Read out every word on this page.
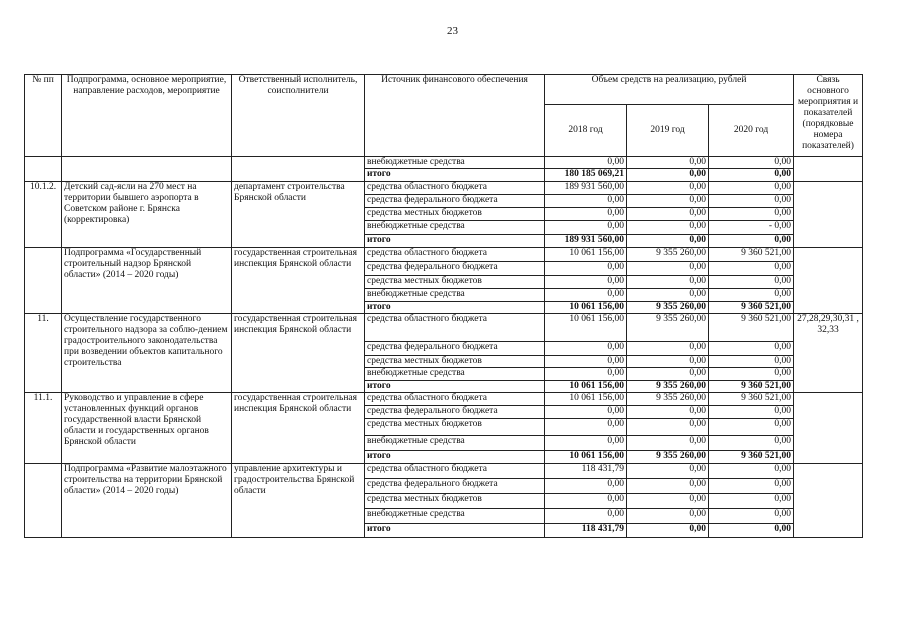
23
№ пп	Подпрограмма, основное мероприятие, направление расходов, мероприятие	Ответственный исполнитель, соисполнители	Источник финансового обеспечения	Объем средств на реализацию, рублей			Связь основного мероприятия и показателей (порядковые номера показателей)
				2018 год	2019 год	2020 год	
			внебюджетные средства	0,00	0,00	0,00	
			итого	180 185 069,21	0,00	0,00	
10.1.2.	Детский сад-ясли на 270 мест на территории бывшего аэропорта в Советском районе г. Брянска (корректировка)	департамент строительства Брянской области	средства областного бюджета	189 931 560,00	0,00	0,00	
			средства федерального бюджета	0,00	0,00	0,00	
			средства местных бюджетов	0,00	0,00	0,00	
			внебюджетные средства	0,00	0,00	- 0,00	
			итого	189 931 560,00	0,00	0,00	
	Подпрограмма «Государственный строительный надзор Брянской области» (2014 – 2020 годы)	государственная строительная инспекция Брянской области	средства областного бюджета	10 061 156,00	9 355 260,00	9 360 521,00	
			средства федерального бюджета	0,00	0,00	0,00	
			средства местных бюджетов	0,00	0,00	0,00	
			внебюджетные средства	0,00	0,00	0,00	
			итого	10 061 156,00	9 355 260,00	9 360 521,00	
11.	Осуществление государственного строительного надзора за соблю-дением градостроительного законодательства при возведении объектов капитального строительства	государственная строительная инспекция Брянской области	средства областного бюджета	10 061 156,00	9 355 260,00	9 360 521,00	27,28,29,30,31 , 32,33
			средства федерального бюджета	0,00	0,00	0,00	
			средства местных бюджетов	0,00	0,00	0,00	
			внебюджетные средства	0,00	0,00	0,00	
			итого	10 061 156,00	9 355 260,00	9 360 521,00	
11.1.	Руководство и управление в сфере установленных функций органов государственной власти Брянской области и государственных органов Брянской области	государственная строительная инспекция Брянской области	средства областного бюджета	10 061 156,00	9 355 260,00	9 360 521,00	
			средства федерального бюджета	0,00	0,00	0,00	
			средства местных бюджетов	0,00	0,00	0,00	
			внебюджетные средства	0,00	0,00	0,00	
			итого	10 061 156,00	9 355 260,00	9 360 521,00	
	Подпрограмма «Развитие малоэтажного строительства на территории Брянской области» (2014 – 2020 годы)	управление архитектуры и градостроительства Брянской области	средства областного бюджета	118 431,79	0,00	0,00	
			средства федерального бюджета	0,00	0,00	0,00	
			средства местных бюджетов	0,00	0,00	0,00	
			внебюджетные средства	0,00	0,00	0,00	
			итого	118 431,79	0,00	0,00	
